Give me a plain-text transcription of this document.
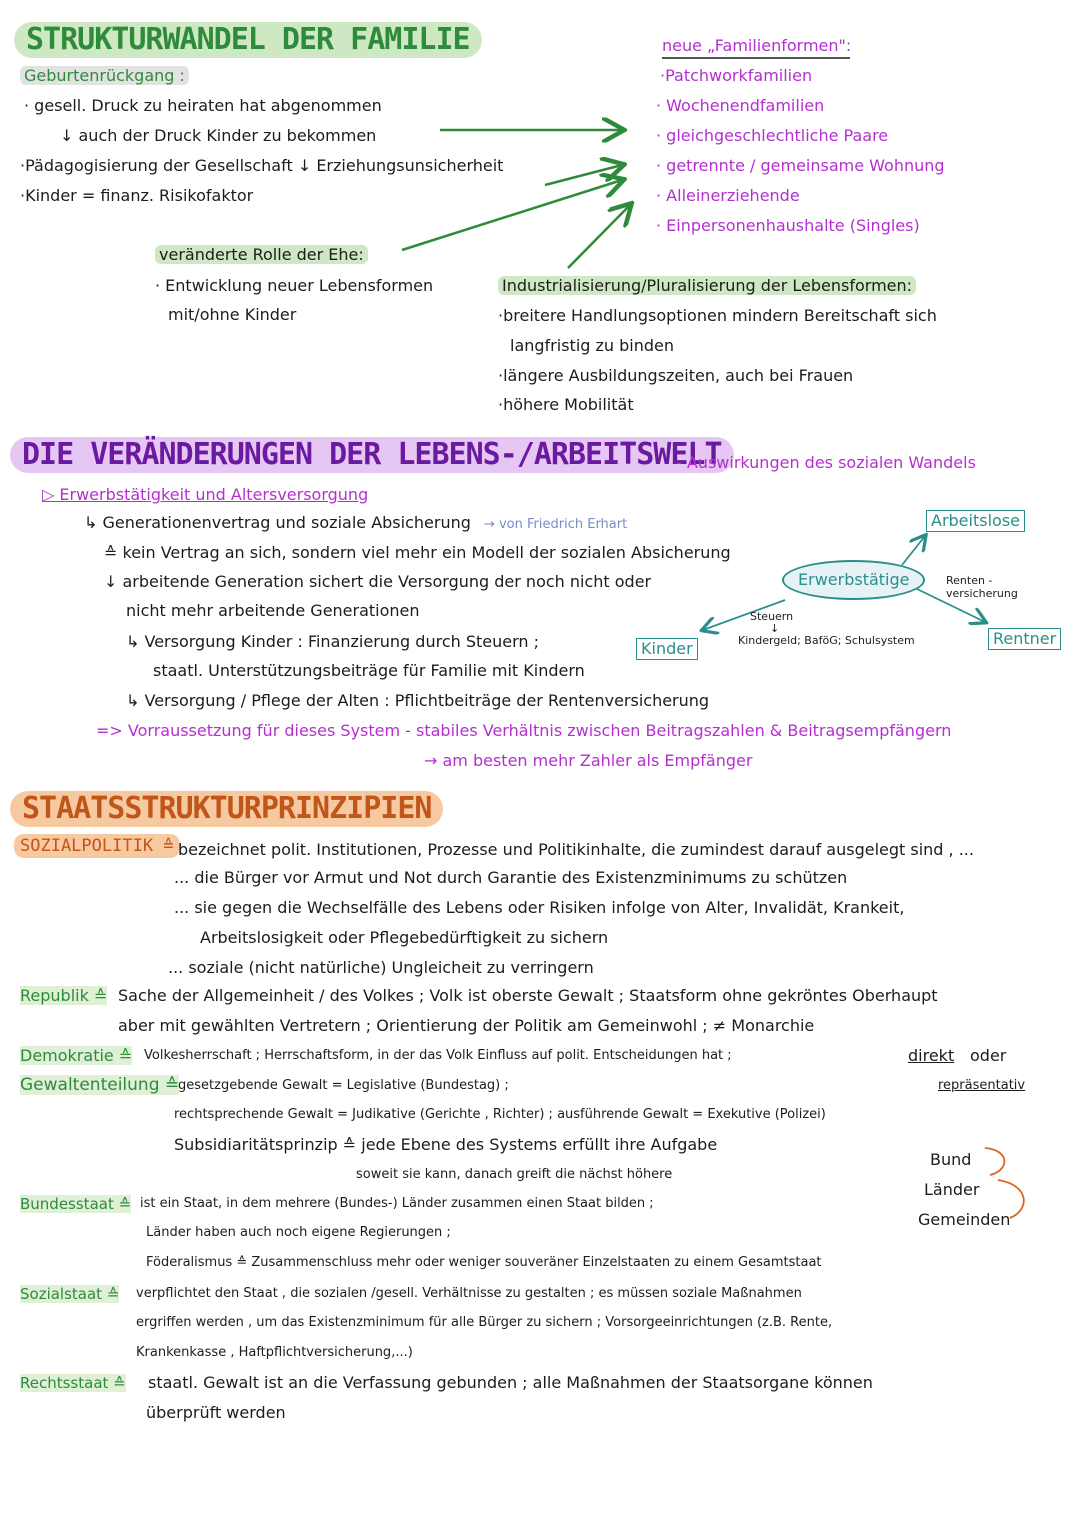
STRUKTURWANDEL DER FAMILIE
Geburtenrückgang :
· gesell. Druck zu heiraten hat abgenommen
↓ auch der Druck Kinder zu bekommen
·Pädagogisierung der Gesellschaft ↓ Erziehungsunsicherheit
·Kinder = finanz. Risikofaktor
neue „Familienformen":
·Patchworkfamilien
· Wochenendfamilien
· gleichgeschlechtliche Paare
· getrennte / gemeinsame Wohnung
· Alleinerziehende
· Einpersonenhaushalte (Singles)
veränderte Rolle der Ehe:
· Entwicklung neuer Lebensformen
mit/ohne Kinder
Industrialisierung/Pluralisierung der Lebensformen:
·breitere Handlungsoptionen mindern Bereitschaft sich
langfristig zu binden
·längere Ausbildungszeiten, auch bei Frauen
·höhere Mobilität
DIE VERÄNDERUNGEN DER LEBENS-/ARBEITSWELT
- Auswirkungen des sozialen Wandels
▷ Erwerbstätigkeit und Altersversorgung
↳ Generationenvertrag und soziale Absicherung → von Friedrich Erhart
≙ kein Vertrag an sich, sondern viel mehr ein Modell der sozialen Absicherung
↓ arbeitende Generation sichert die Versorgung der noch nicht oder
nicht mehr arbeitende Generationen
↳ Versorgung Kinder : Finanzierung durch Steuern ;
staatl. Unterstützungsbeiträge für Familie mit Kindern
↳ Versorgung / Pflege der Alten : Pflichtbeiträge der Rentenversicherung
=> Vorraussetzung für dieses System - stabiles Verhältnis zwischen Beitragszahlen & Beitragsempfängern
→ am besten mehr Zahler als Empfänger
Erwerbstätige
Arbeitslose
Renten - versicherung
Rentner
Kinder
Steuern
↓
Kindergeld; BaföG; Schulsystem
STAATSSTRUKTURPRINZIPIEN
SOZIALPOLITIK ≙ bezeichnet polit. Institutionen, Prozesse und Politikinhalte, die zumindest darauf ausgelegt sind , ...
... die Bürger vor Armut und Not durch Garantie des Existenzminimums zu schützen
... sie gegen die Wechselfälle des Lebens oder Risiken infolge von Alter, Invalidät, Krankeit,
Arbeitslosigkeit oder Pflegebedürftigkeit zu sichern
... soziale (nicht natürliche) Ungleicheit zu verringern
Republik ≙ Sache der Allgemeinheit / des Volkes ; Volk ist oberste Gewalt ; Staatsform ohne gekröntes Oberhaupt
aber mit gewählten Vertretern ; Orientierung der Politik am Gemeinwohl ; ≠ Monarchie
Demokratie ≙ Volkesherrschaft ; Herrschaftsform, in der das Volk Einfluss auf polit. Entscheidungen hat ;	direkt oder
repräsentativ
Gewaltenteilung ≙
gesetzgebende Gewalt = Legislative (Bundestag) ;
rechtsprechende Gewalt = Judikative (Gerichte , Richter) ; ausführende Gewalt = Exekutive (Polizei)
Subsidiaritätsprinzip ≙ jede Ebene des Systems erfüllt ihre Aufgabe
soweit sie kann, danach greift die nächst höhere
Bund
Länder
Gemeinden
Bundesstaat ≙ ist ein Staat, in dem mehrere (Bundes-) Länder zusammen einen Staat bilden ;
Länder haben auch noch eigene Regierungen ;
Föderalismus ≙ Zusammenschluss mehr oder weniger souveräner Einzelstaaten zu einem Gesamtstaat
Sozialstaat ≙ verpflichtet den Staat , die sozialen /gesell. Verhältnisse zu gestalten ; es müssen soziale Maßnahmen
ergriffen werden , um das Existenzminimum für alle Bürger zu sichern ; Vorsorgeeinrichtungen (z.B. Rente,
Krankenkasse , Haftpflichtversicherung,...)
Rechtsstaat ≙ staatl. Gewalt ist an die Verfassung gebunden ; alle Maßnahmen der Staatsorgane können
überprüft werden
